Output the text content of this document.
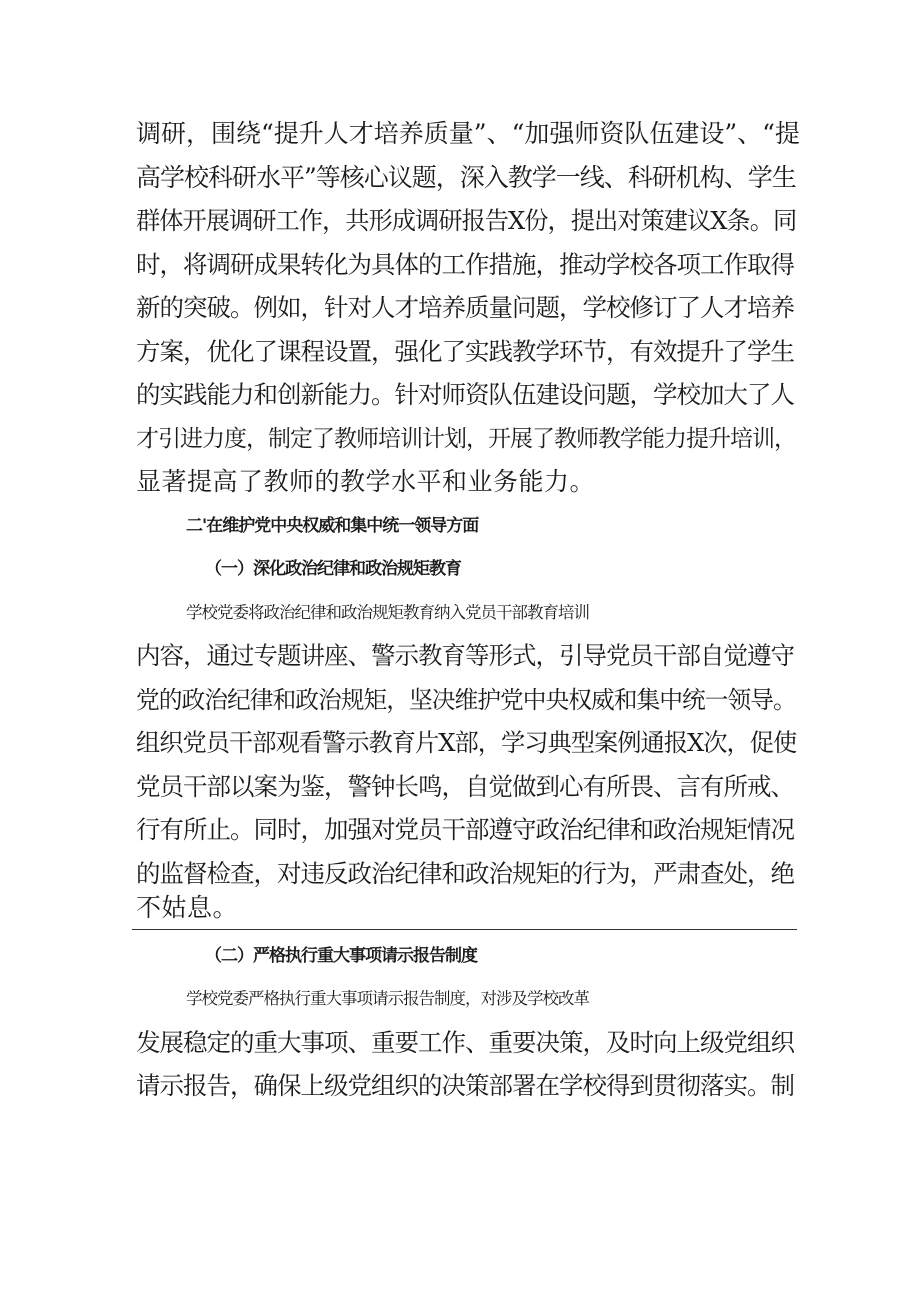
调研，围绕“提升人才培养质量”、“加强师资队伍建设”、“提
高学校科研水平”等核心议题，深入教学一线、科研机构、学生
群体开展调研工作，共形成调研报告X份，提出对策建议X条。同
时，将调研成果转化为具体的工作措施，推动学校各项工作取得
新的突破。例如，针对人才培养质量问题，学校修订了人才培养
方案，优化了课程设置，强化了实践教学环节，有效提升了学生
的实践能力和创新能力。针对师资队伍建设问题，学校加大了人
才引进力度，制定了教师培训计划，开展了教师教学能力提升培训，
显著提高了教师的教学水平和业务能力。
二'在维护党中央权威和集中统一领导方面
（一）深化政治纪律和政治规矩教育
学校党委将政治纪律和政治规矩教育纳入党员干部教育培训
内容，通过专题讲座、警示教育等形式，引导党员干部自觉遵守
党的政治纪律和政治规矩，坚决维护党中央权威和集中统一领导。
组织党员干部观看警示教育片X部，学习典型案例通报X次，促使
党员干部以案为鉴，警钟长鸣，自觉做到心有所畏、言有所戒、
行有所止。同时，加强对党员干部遵守政治纪律和政治规矩情况
的监督检查，对违反政治纪律和政治规矩的行为，严肃查处，绝
不姑息。
（二）严格执行重大事项请示报告制度
学校党委严格执行重大事项请示报告制度，对涉及学校改革
发展稳定的重大事项、重要工作、重要决策，及时向上级党组织
请示报告，确保上级党组织的决策部署在学校得到贯彻落实。制
